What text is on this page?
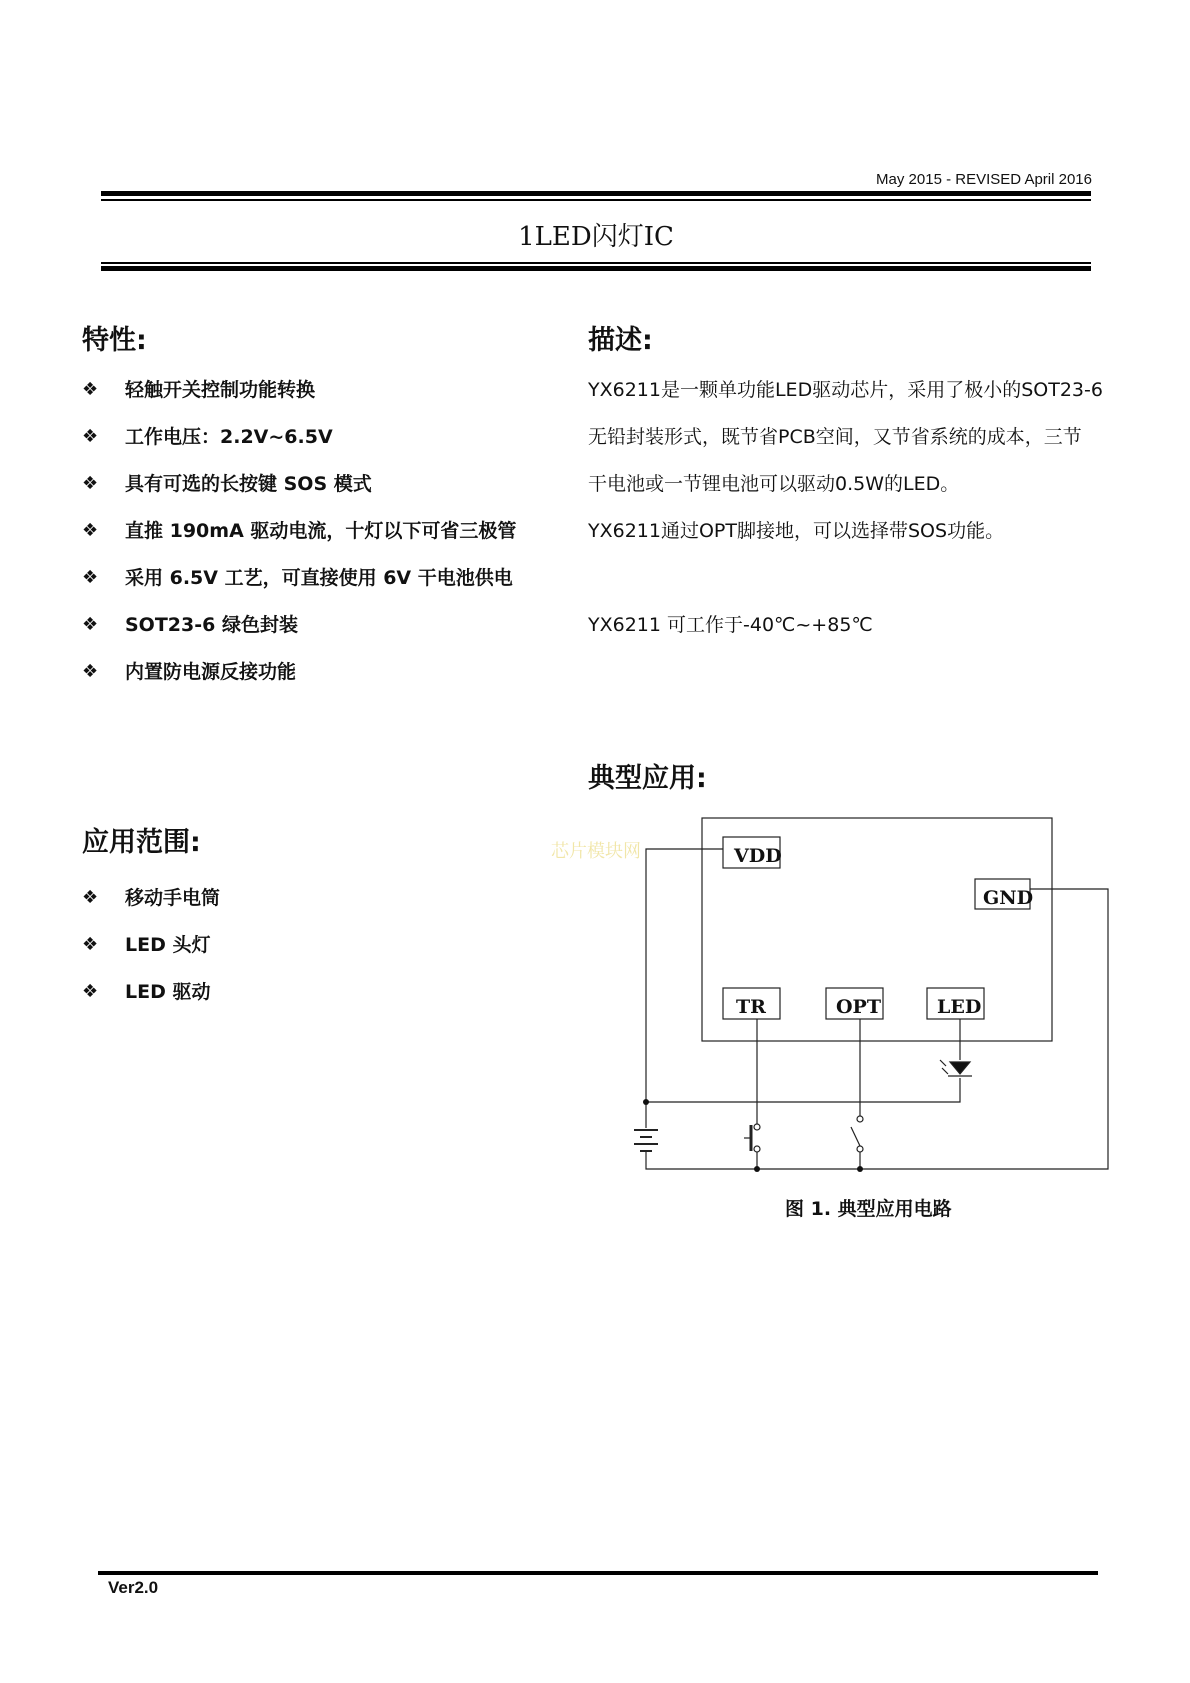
May 2015 - REVISED April 2016
1LED闪灯IC
特性:
❖	轻触开关控制功能转换
❖	工作电压：2.2V~6.5V
❖	具有可选的长按键 SOS 模式
❖	直推 190mA 驱动电流，十灯以下可省三极管
❖	采用 6.5V 工艺，可直接使用 6V 干电池供电
❖	SOT23-6 绿色封装
❖	内置防电源反接功能
描述:

YX6211是一颗单功能LED驱动芯片，采用了极小的SOT23-6

无铅封装形式，既节省PCB空间，又节省系统的成本，三节

干电池或一节锂电池可以驱动0.5W的LED。

YX6211通过OPT脚接地，可以选择带SOS功能。

YX6211 可工作于-40℃~+85℃

典型应用:
应用范围:
❖	移动手电筒
❖	LED 头灯
❖	LED 驱动
芯片模块网	VDD
GND
TR	OPT	LED
图 1. 典型应用电路
Ver2.0
